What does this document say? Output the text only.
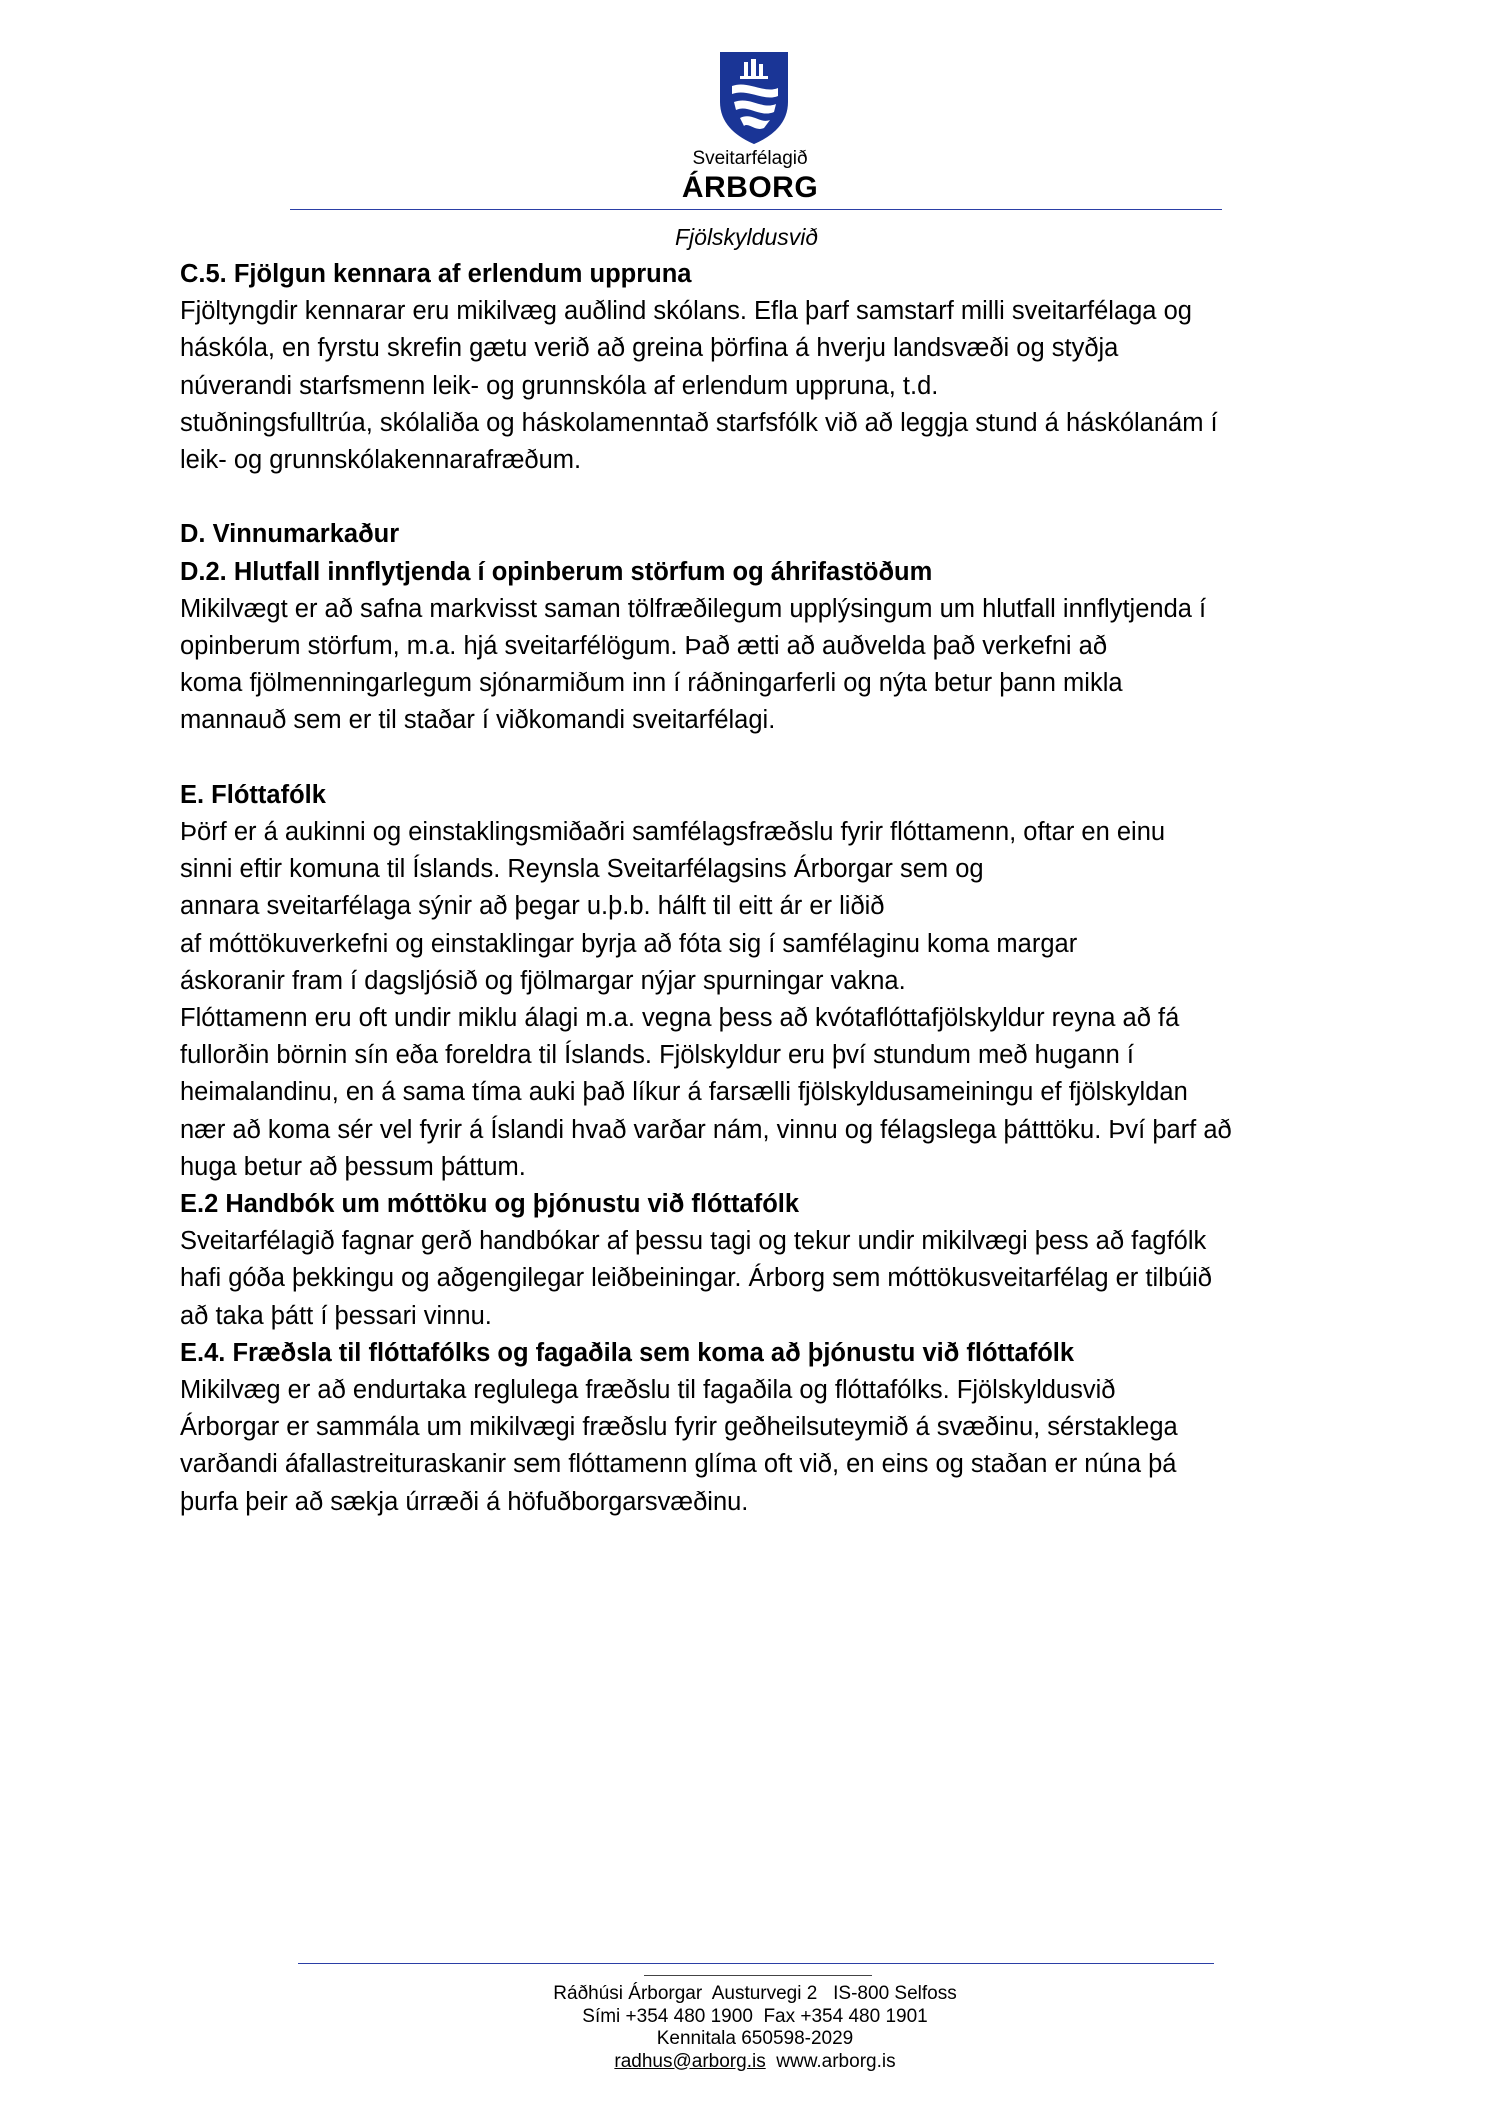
Sveitarfélagið
ÁRBORG
Fjölskyldusvið
C.5. Fjölgun kennara af erlendum uppruna
Fjöltyngdir kennarar eru mikilvæg auðlind skólans. Efla þarf samstarf milli sveitarfélaga og
háskóla, en fyrstu skrefin gætu verið að greina þörfina á hverju landsvæði og styðja
núverandi starfsmenn leik- og grunnskóla af erlendum uppruna, t.d.
stuðningsfulltrúa, skólaliða og háskolamenntað starfsfólk við að leggja stund á háskólanám í
leik- og grunnskólakennarafræðum.
D. Vinnumarkaður
D.2. Hlutfall innflytjenda í opinberum störfum og áhrifastöðum
Mikilvægt er að safna markvisst saman tölfræðilegum upplýsingum um hlutfall innflytjenda í
opinberum störfum, m.a. hjá sveitarfélögum. Það ætti að auðvelda það verkefni að
koma fjölmenningarlegum sjónarmiðum inn í ráðningarferli og nýta betur þann mikla
mannauð sem er til staðar í viðkomandi sveitarfélagi.
E. Flóttafólk
Þörf er á aukinni og einstaklingsmiðaðri samfélagsfræðslu fyrir flóttamenn, oftar en einu
sinni eftir komuna til Íslands. Reynsla Sveitarfélagsins Árborgar sem og
annara sveitarfélaga sýnir að þegar u.þ.b. hálft til eitt ár er liðið
af móttökuverkefni og einstaklingar byrja að fóta sig í samfélaginu koma margar
áskoranir fram í dagsljósið og fjölmargar nýjar spurningar vakna.
Flóttamenn eru oft undir miklu álagi m.a. vegna þess að kvótaflóttafjölskyldur reyna að fá
fullorðin börnin sín eða foreldra til Íslands. Fjölskyldur eru því stundum með hugann í
heimalandinu, en á sama tíma auki það líkur á farsælli fjölskyldusameiningu ef fjölskyldan
nær að koma sér vel fyrir á Íslandi hvað varðar nám, vinnu og félagslega þátttöku. Því þarf að
huga betur að þessum þáttum.
E.2 Handbók um móttöku og þjónustu við flóttafólk
Sveitarfélagið fagnar gerð handbókar af þessu tagi og tekur undir mikilvægi þess að fagfólk
hafi góða þekkingu og aðgengilegar leiðbeiningar. Árborg sem móttökusveitarfélag er tilbúið
að taka þátt í þessari vinnu.
E.4. Fræðsla til flóttafólks og fagaðila sem koma að þjónustu við flóttafólk
Mikilvæg er að endurtaka reglulega fræðslu til fagaðila og flóttafólks. Fjölskyldusvið
Árborgar er sammála um mikilvægi fræðslu fyrir geðheilsuteymið á svæðinu, sérstaklega
varðandi áfallastreituraskanir sem flóttamenn glíma oft við, en eins og staðan er núna þá
þurfa þeir að sækja úrræði á höfuðborgarsvæðinu.
Ráðhúsi Árborgar  Austurvegi 2   IS-800 Selfoss
Sími +354 480 1900  Fax +354 480 1901
Kennitala 650598-2029
radhus@arborg.is www.arborg.is
